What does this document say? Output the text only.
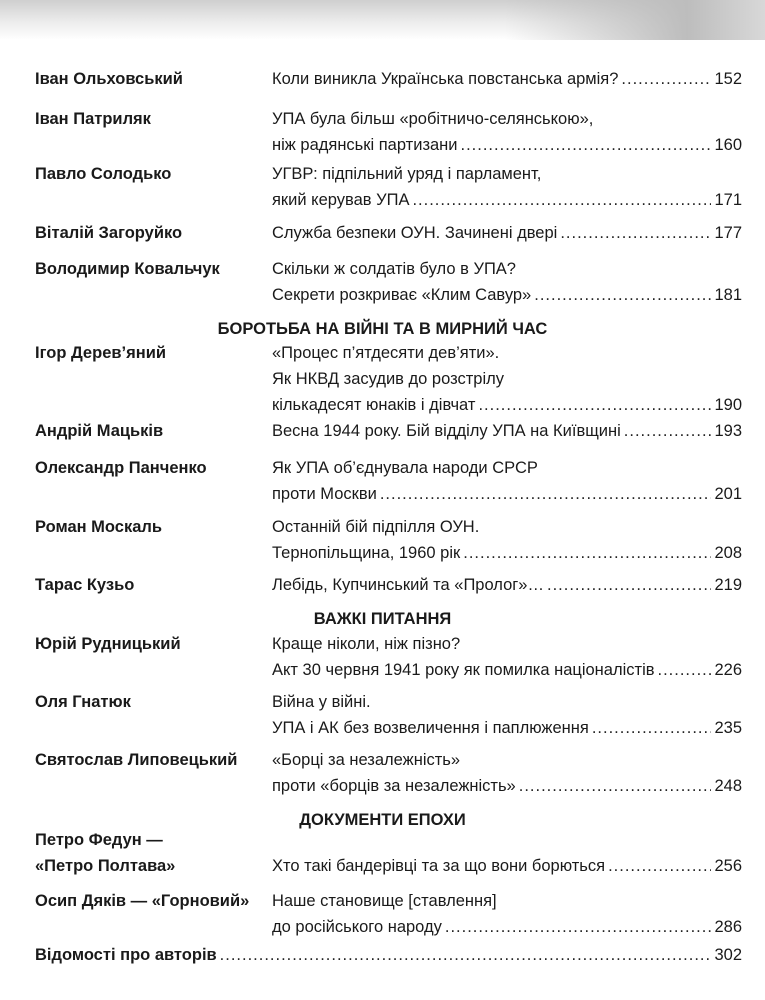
Іван Ольховський	Коли виникла Українська повстанська армія? .....	152
Іван Патриляк	УПА була більш «робітничо-селянською»,
ніж радянські партизани .....	160
Павло Солодько	УГВР: підпільний уряд і парламент,
який керував УПА .....	171
Віталій Загоруйко	Служба безпеки ОУН. Зачинені двері .....	177
Володимир Ковальчук	Скільки ж солдатів було в УПА?
Секрети розкриває «Клим Савур» .....	181
БОРОТЬБА НА ВІЙНІ ТА В МИРНИЙ ЧАС
Ігор Дерев’яний	«Процес п’ятдесяти дев’яти».
Як НКВД засудив до розстрілу
кількадесят юнаків і дівчат .....	190
Андрій Мацьків	Весна 1944 року. Бій відділу УПА на Київщині .....	193
Олександр Панченко	Як УПА об’єднувала народи СРСР
проти Москви .....	201
Роман Москаль	Останній бій підпілля ОУН.
Тернопільщина, 1960 рік .....	208
Тарас Кузьо	Лебідь, Купчинський та «Пролог»… .....	219
ВАЖКІ ПИТАННЯ
Юрій Рудницький	Краще ніколи, ніж пізно?
Акт 30 червня 1941 року як помилка націоналістів .....	226
Оля Гнатюк	Війна у війні.
УПА і АК без возвеличення і паплюження .....	235
Святослав Липовецький	«Борці за незалежність»
проти «борців за незалежність» .....	248
ДОКУМЕНТИ ЕПОХИ
Петро Федун —
«Петро Полтава»	Хто такі бандерівці та за що вони борються .....	256
Осип Дяків — «Горновий»	Наше становище [ставлення]
до російського народу .....	286
Відомості про авторів .....	302
